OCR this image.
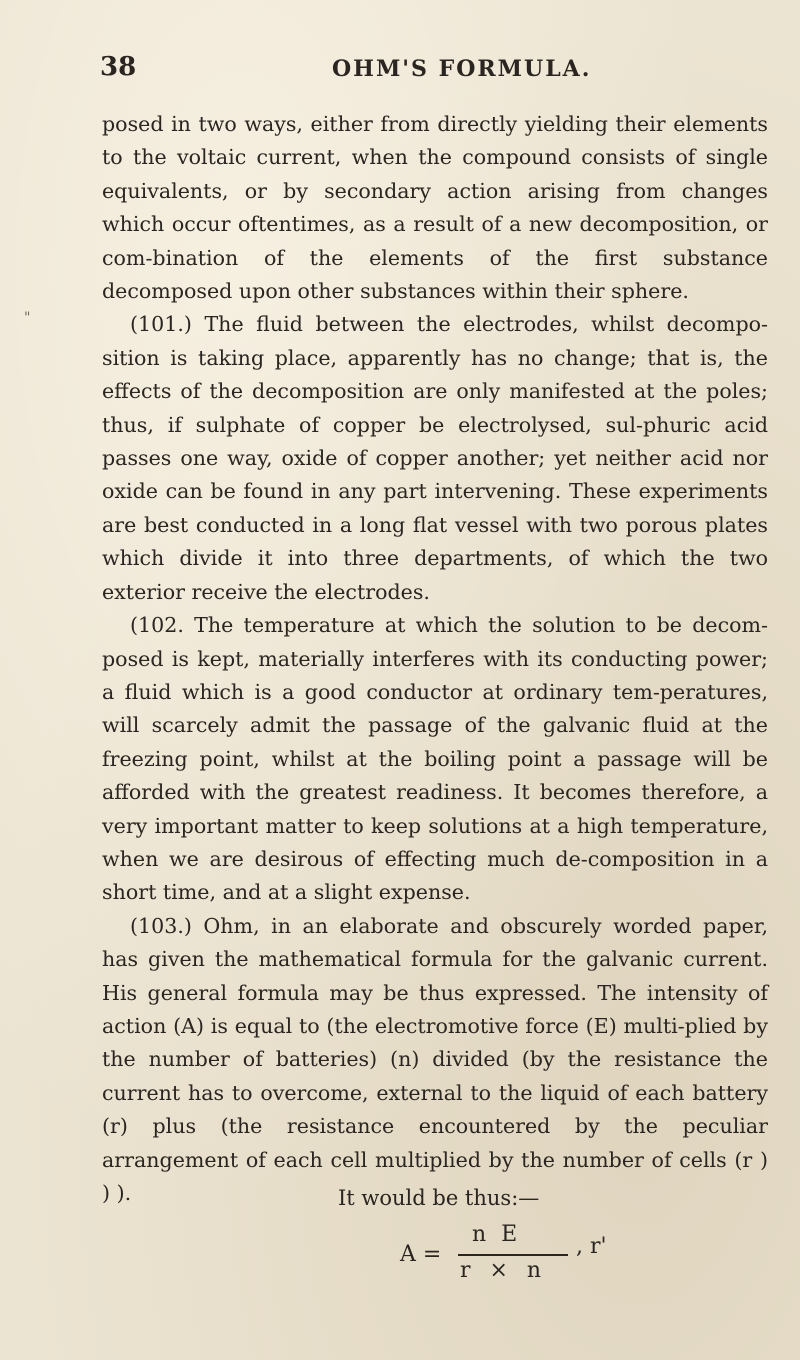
38	OHM'S FORMULA.
"

posed in two ways, either from directly yielding their elements to the voltaic current, when the compound consists of single equivalents, or by secondary action arising from changes which occur oftentimes, as a result of a new decomposition, or com-bination of the elements of the first substance decomposed upon other substances within their sphere.

(101.) The fluid between the electrodes, whilst decompo-sition is taking place, apparently has no change; that is, the effects of the decomposition are only manifested at the poles; thus, if sulphate of copper be electrolysed, sul-phuric acid passes one way, oxide of copper another; yet neither acid nor oxide can be found in any part intervening. These experiments are best conducted in a long flat vessel with two porous plates which divide it into three departments, of which the two exterior receive the electrodes.

(102. The temperature at which the solution to be decom-posed is kept, materially interferes with its conducting power; a fluid which is a good conductor at ordinary tem-peratures, will scarcely admit the passage of the galvanic fluid at the freezing point, whilst at the boiling point a passage will be afforded with the greatest readiness. It becomes therefore, a very important matter to keep solutions at a high temperature, when we are desirous of effecting much de-composition in a short time, and at a slight expense.

(103.) Ohm, in an elaborate and obscurely worded paper, has given the mathematical formula for the galvanic current. His general formula may be thus expressed. The intensity of action (A) is equal to (the electromotive force (E) multi-plied by the number of batteries) (n) divided (by the resistance the current has to overcome, external to the liquid of each battery (r) plus (the resistance encountered by the peculiar arrangement of each cell multiplied by the number of cells (r ) ) ).	It would be thus:—
A =
n E
r × n
, r'
